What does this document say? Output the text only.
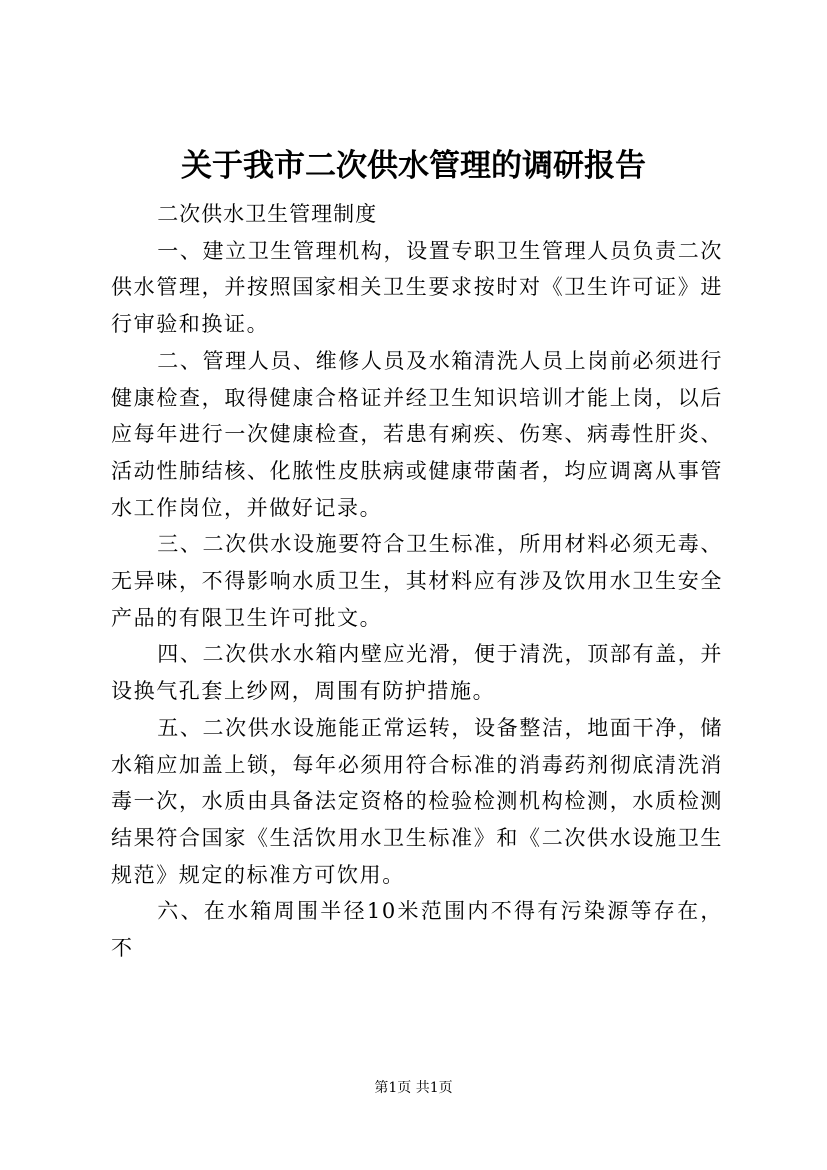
关于我市二次供水管理的调研报告

二次供水卫生管理制度

一、建立卫生管理机构，设置专职卫生管理人员负责二次供水管理，并按照国家相关卫生要求按时对《卫生许可证》进行审验和换证。

二、管理人员、维修人员及水箱清洗人员上岗前必须进行健康检查，取得健康合格证并经卫生知识培训才能上岗，以后应每年进行一次健康检查，若患有痢疾、伤寒、病毒性肝炎、活动性肺结核、化脓性皮肤病或健康带菌者，均应调离从事管水工作岗位，并做好记录。

三、二次供水设施要符合卫生标准，所用材料必须无毒、无异味，不得影响水质卫生，其材料应有涉及饮用水卫生安全产品的有限卫生许可批文。

四、二次供水水箱内壁应光滑，便于清洗，顶部有盖，并设换气孔套上纱网，周围有防护措施。

五、二次供水设施能正常运转，设备整洁，地面干净，储水箱应加盖上锁，每年必须用符合标准的消毒药剂彻底清洗消毒一次，水质由具备法定资格的检验检测机构检测，水质检测结果符合国家《生活饮用水卫生标准》和《二次供水设施卫生规范》规定的标准方可饮用。

六、在水箱周围半径10米范围内不得有污染源等存在，不

第1页 共1页
